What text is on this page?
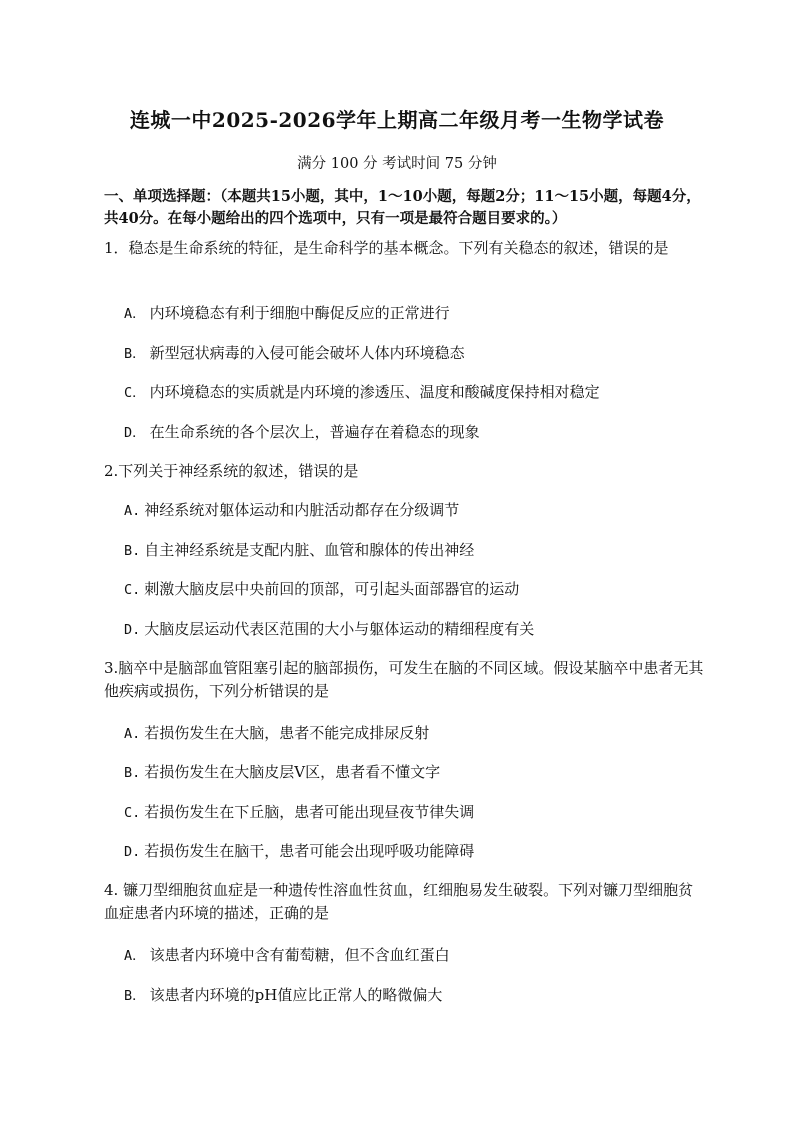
连城一中2025-2026学年上期高二年级月考一生物学试卷
满分 100 分 考试时间 75 分钟
一、单项选择题：（本题共15小题，其中，1～10小题，每题2分；11～15小题，每题4分，共40分。在每小题给出的四个选项中，只有一项是最符合题目要求的。）
1．稳态是生命系统的特征，是生命科学的基本概念。下列有关稳态的叙述，错误的是
A． 内环境稳态有利于细胞中酶促反应的正常进行
B． 新型冠状病毒的入侵可能会破坏人体内环境稳态
C． 内环境稳态的实质就是内环境的渗透压、温度和酸碱度保持相对稳定
D． 在生命系统的各个层次上，普遍存在着稳态的现象
2.下列关于神经系统的叙述，错误的是
A. 神经系统对躯体运动和内脏活动都存在分级调节
B. 自主神经系统是支配内脏、血管和腺体的传出神经
C. 刺激大脑皮层中央前回的顶部，可引起头面部器官的运动
D. 大脑皮层运动代表区范围的大小与躯体运动的精细程度有关
3.脑卒中是脑部血管阻塞引起的脑部损伤，可发生在脑的不同区域。假设某脑卒中患者无其他疾病或损伤，下列分析错误的是
A. 若损伤发生在大脑，患者不能完成排尿反射
B. 若损伤发生在大脑皮层V区，患者看不懂文字
C. 若损伤发生在下丘脑，患者可能出现昼夜节律失调
D. 若损伤发生在脑干，患者可能会出现呼吸功能障碍
4. 镰刀型细胞贫血症是一种遗传性溶血性贫血，红细胞易发生破裂。下列对镰刀型细胞贫血症患者内环境的描述，正确的是
A． 该患者内环境中含有葡萄糖，但不含血红蛋白
B． 该患者内环境的pH值应比正常人的略微偏大
